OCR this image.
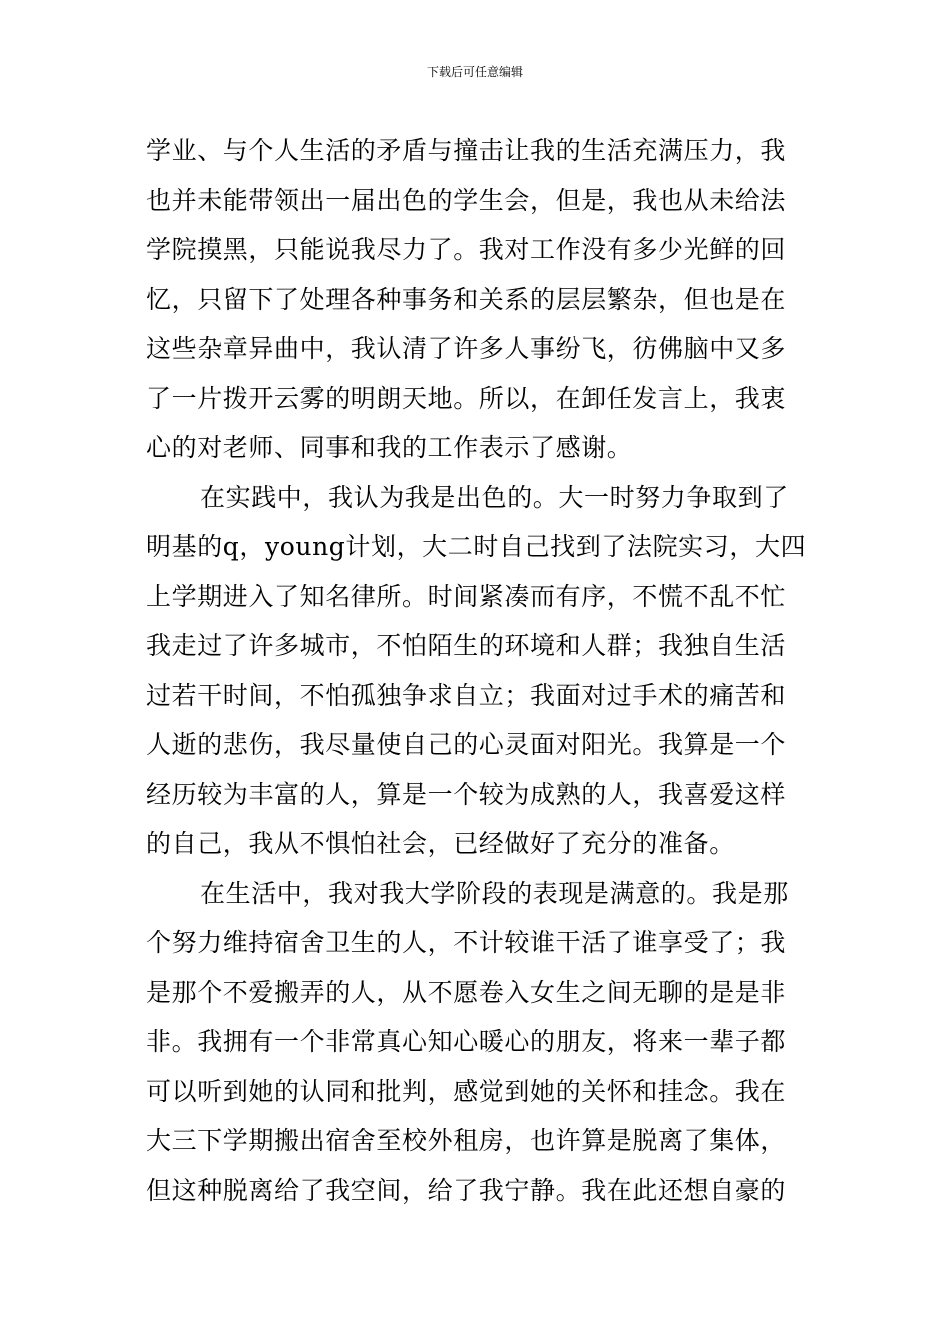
下载后可任意编辑
学业、与个人生活的矛盾与撞击让我的生活充满压力，我
也并未能带领出一届出色的学生会，但是，我也从未给法
学院摸黑，只能说我尽力了。我对工作没有多少光鲜的回
忆，只留下了处理各种事务和关系的层层繁杂，但也是在
这些杂章异曲中，我认清了许多人事纷飞，彷佛脑中又多
了一片拨开云雾的明朗天地。所以，在卸任发言上，我衷
心的对老师、同事和我的工作表示了感谢。
在实践中，我认为我是出色的。大一时努力争取到了
明基的q，young计划，大二时自己找到了法院实习，大四
上学期进入了知名律所。时间紧凑而有序，不慌不乱不忙
我走过了许多城市，不怕陌生的环境和人群；我独自生活
过若干时间，不怕孤独争求自立；我面对过手术的痛苦和
人逝的悲伤，我尽量使自己的心灵面对阳光。我算是一个
经历较为丰富的人，算是一个较为成熟的人，我喜爱这样
的自己，我从不惧怕社会，已经做好了充分的准备。
在生活中，我对我大学阶段的表现是满意的。我是那
个努力维持宿舍卫生的人，不计较谁干活了谁享受了；我
是那个不爱搬弄的人，从不愿卷入女生之间无聊的是是非
非。我拥有一个非常真心知心暖心的朋友，将来一辈子都
可以听到她的认同和批判，感觉到她的关怀和挂念。我在
大三下学期搬出宿舍至校外租房，也许算是脱离了集体，
但这种脱离给了我空间，给了我宁静。我在此还想自豪的
